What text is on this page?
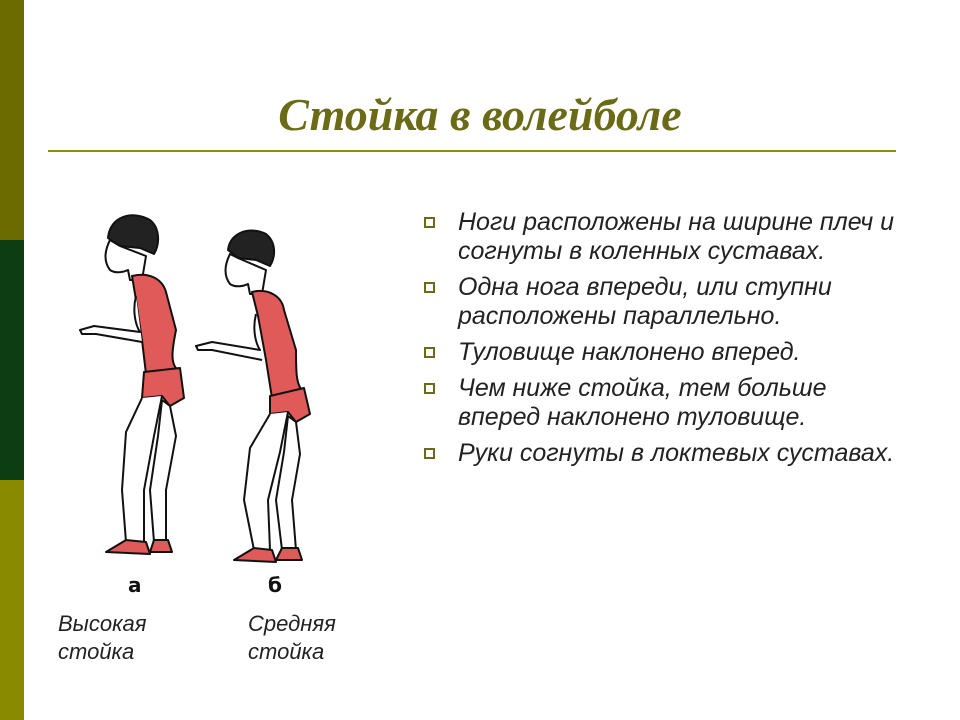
Стойка в волейболе
Ноги расположены на ширине плеч и согнуты в коленных суставах.
Одна нога впереди, или ступни расположены параллельно.
Туловище наклонено вперед.
Чем ниже стойка, тем больше вперед наклонено туловище.
Руки согнуты в локтевых суставах.
а	б
Высокая
стойка
Средняя
стойка
